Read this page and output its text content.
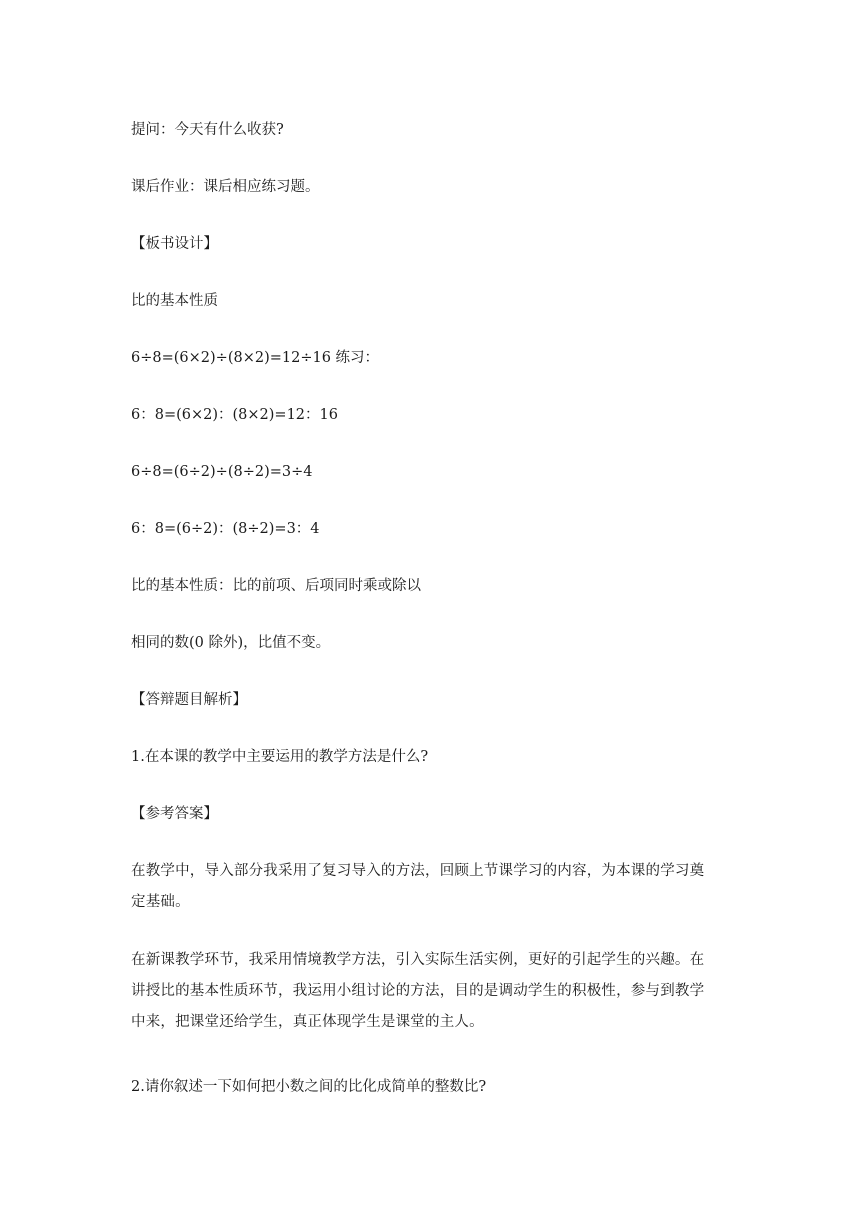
提问：今天有什么收获?
课后作业：课后相应练习题。
【板书设计】
比的基本性质
6÷8=(6×2)÷(8×2)=12÷16 练习：
6：8=(6×2)：(8×2)=12：16
6÷8=(6÷2)÷(8÷2)=3÷4
6：8=(6÷2)：(8÷2)=3：4
比的基本性质：比的前项、后项同时乘或除以
相同的数(0 除外)，比值不变。
【答辩题目解析】
1.在本课的教学中主要运用的教学方法是什么?
【参考答案】
在教学中，导入部分我采用了复习导入的方法，回顾上节课学习的内容，为本课的学习奠
定基础。
在新课教学环节，我采用情境教学方法，引入实际生活实例，更好的引起学生的兴趣。在
讲授比的基本性质环节，我运用小组讨论的方法，目的是调动学生的积极性，参与到教学
中来，把课堂还给学生，真正体现学生是课堂的主人。
2.请你叙述一下如何把小数之间的比化成简单的整数比?
